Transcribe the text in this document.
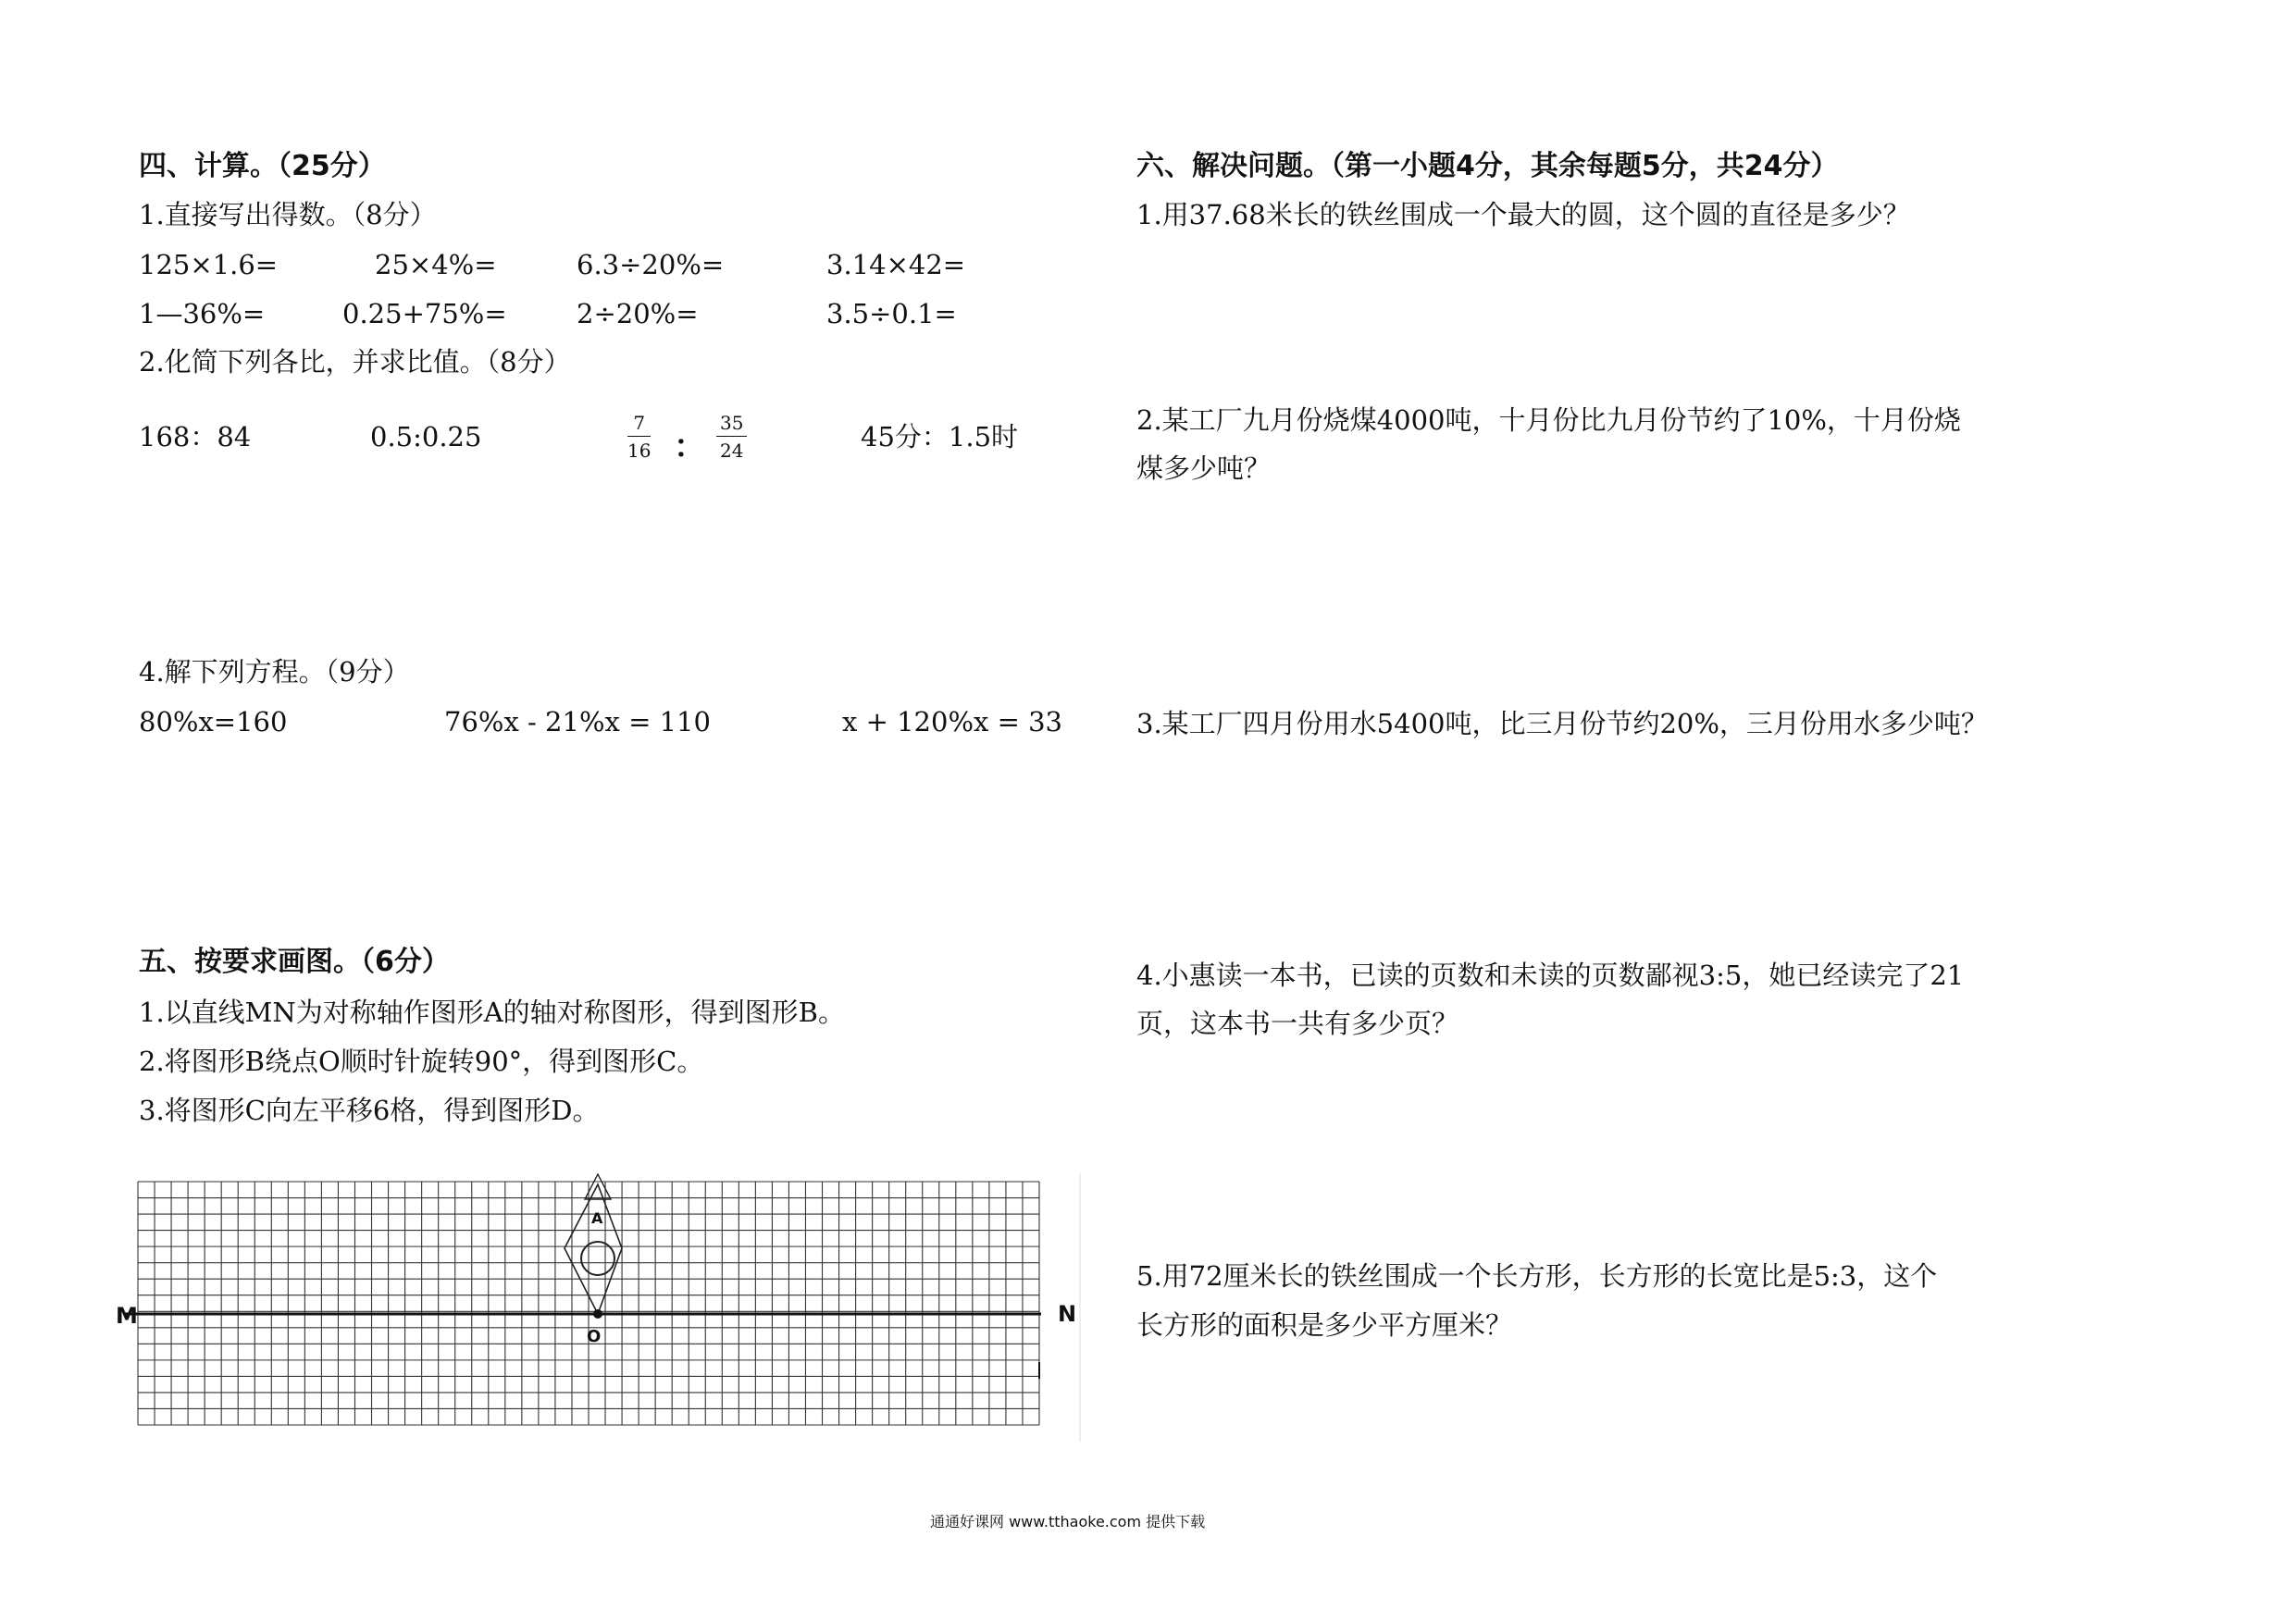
四、计算。（25分）
1.直接写出得数。（8分）
125×1.6=	25×4%=	6.3÷20%=	3.14×42=
1—36%=	0.25+75%=	2÷20%=	3.5÷0.1=
2.化简下列各比，并求比值。（8分）
168：84	0.5:0.25	$\frac{7}{16}$ ： $\frac{35}{24}$	45分：1.5时
4.解下列方程。（9分）
80%x=160	76%x - 21%x = 110	x + 120%x = 33
五、按要求画图。（6分）
1.以直线MN为对称轴作图形A的轴对称图形，得到图形B。
2.将图形B绕点O顺时针旋转90°，得到图形C。
3.将图形C向左平移6格，得到图形D。
M	N
O
A
六、解决问题。（第一小题4分，其余每题5分，共24分）
1.用37.68米长的铁丝围成一个最大的圆，这个圆的直径是多少？
2.某工厂九月份烧煤4000吨，十月份比九月份节约了10%，十月份烧
煤多少吨？
3.某工厂四月份用水5400吨，比三月份节约20%，三月份用水多少吨？
4.小惠读一本书，已读的页数和未读的页数鄙视3:5，她已经读完了21
页，这本书一共有多少页？
5.用72厘米长的铁丝围成一个长方形，长方形的长宽比是5:3，这个
长方形的面积是多少平方厘米？
通通好课网 www.tthaoke.com 提供下载
